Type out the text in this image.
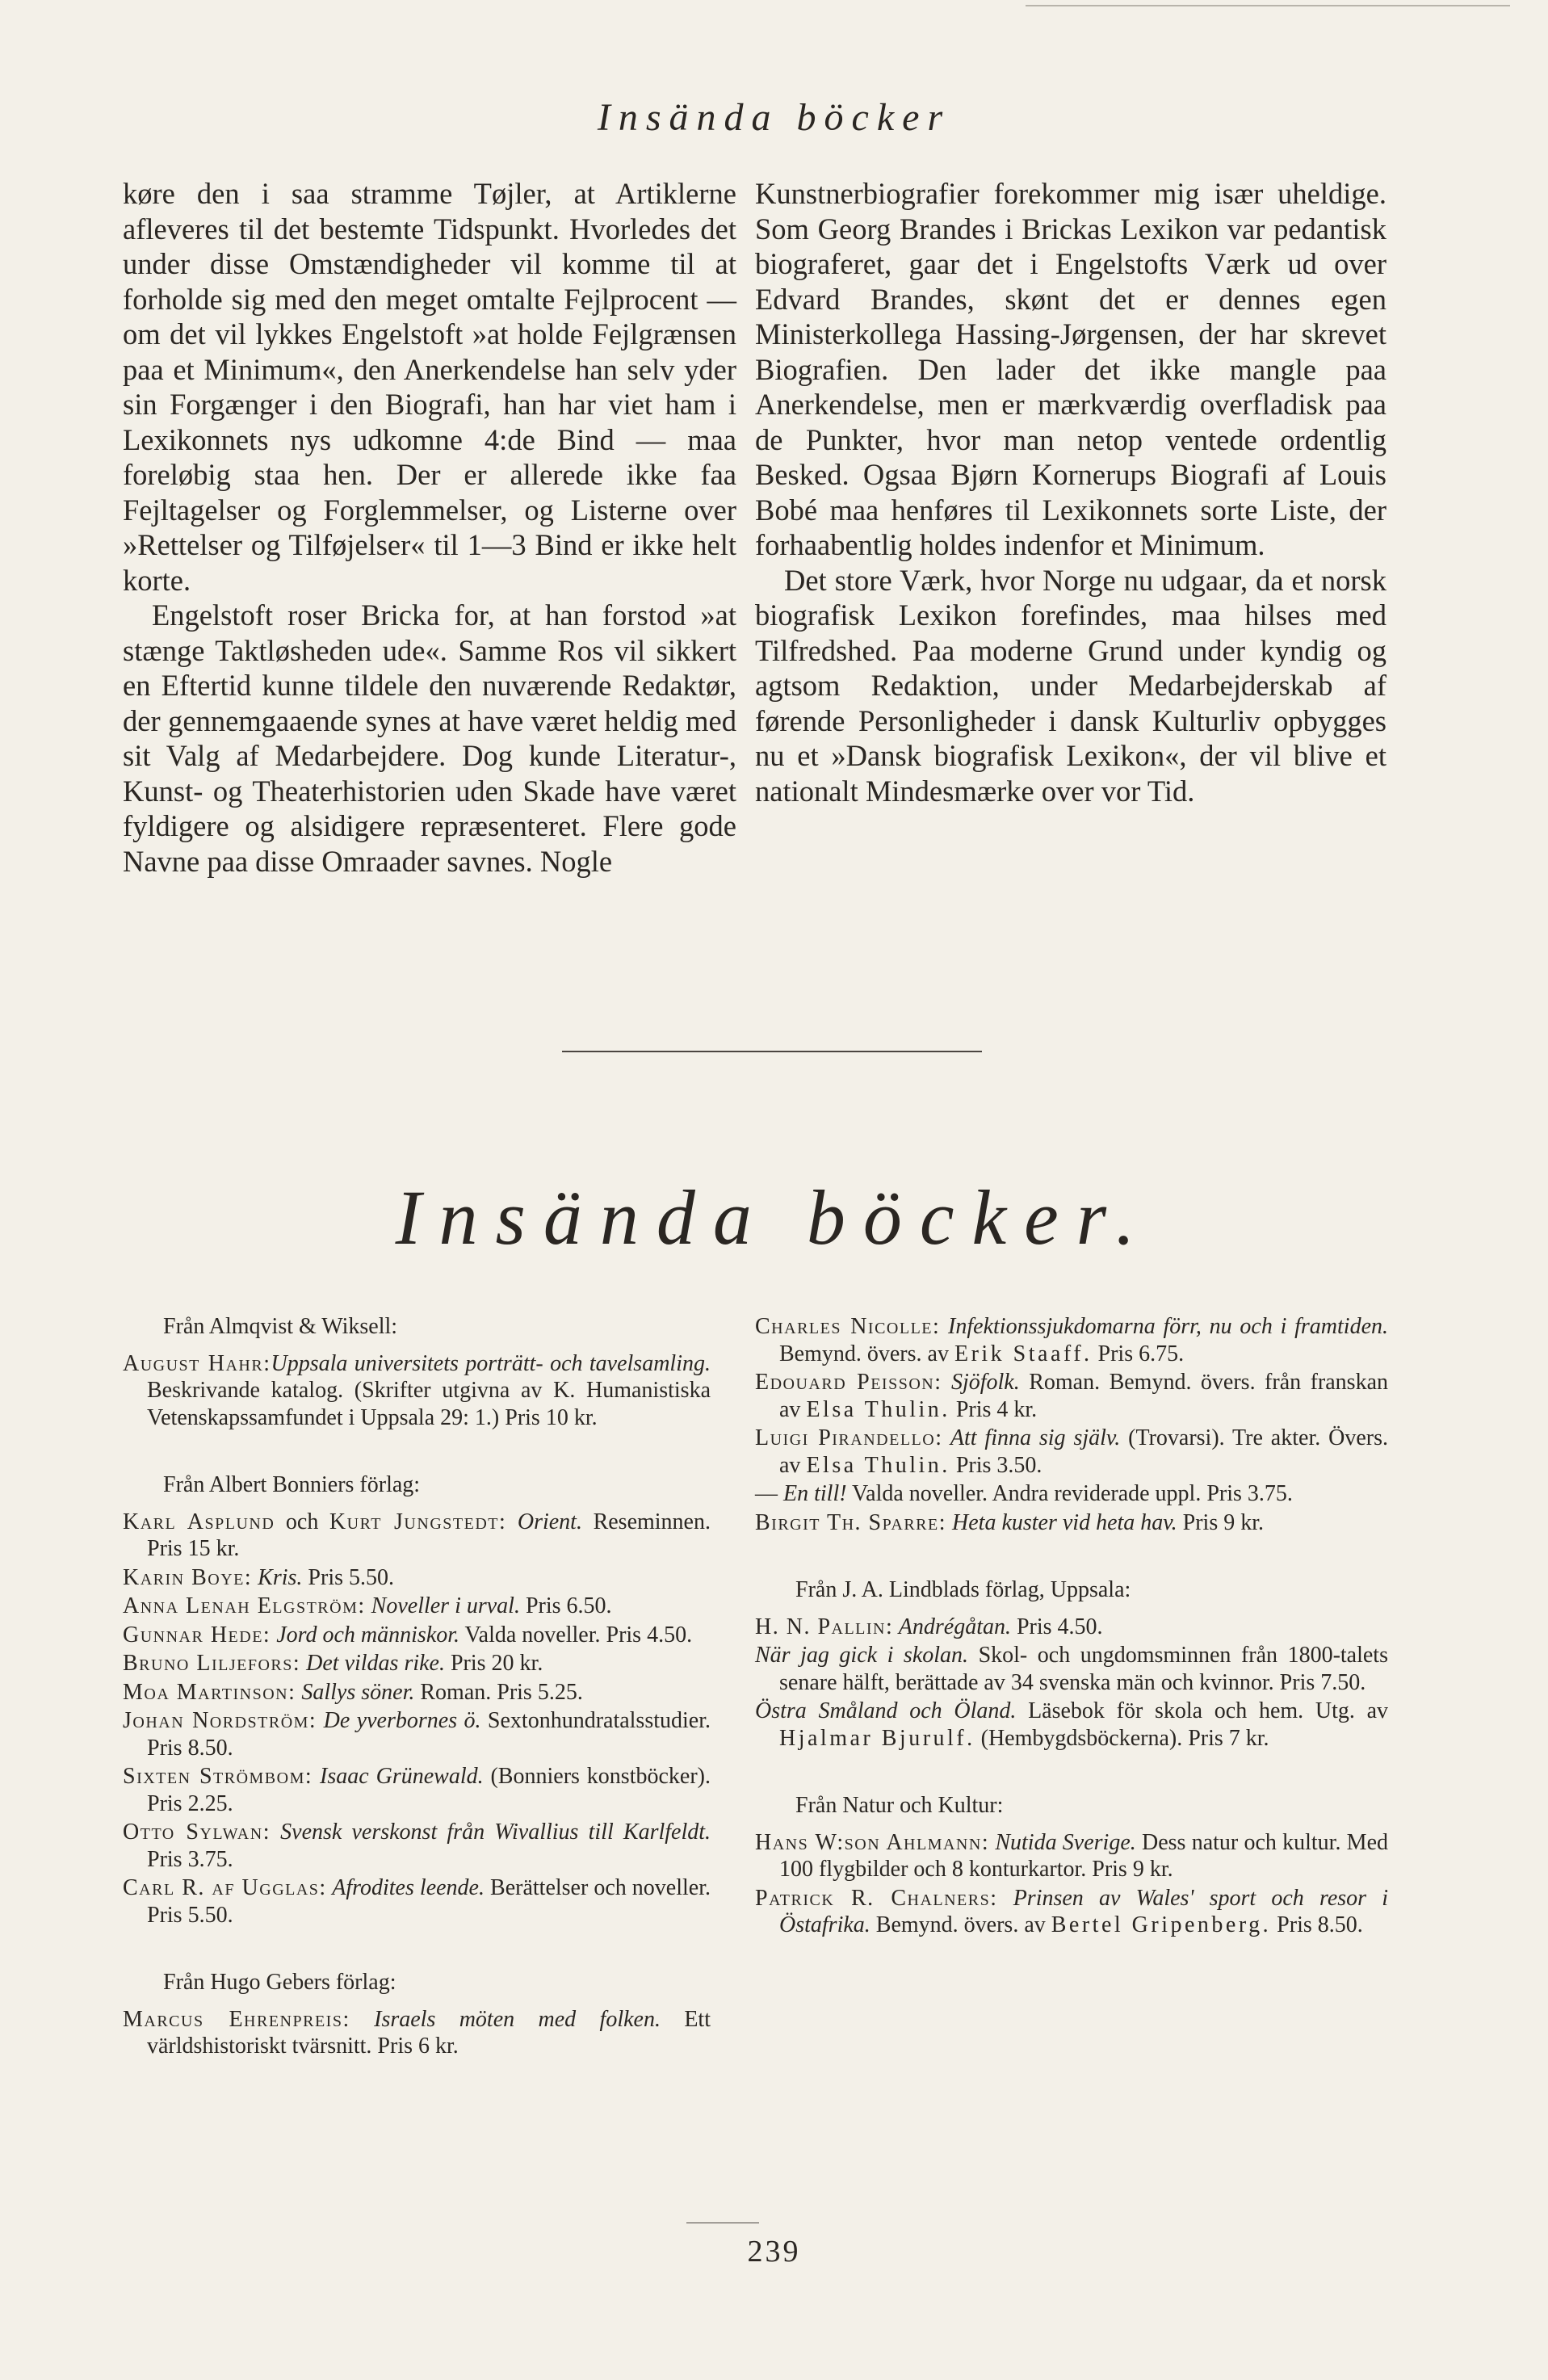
Insända böcker

køre den i saa stramme Tøjler, at Artiklerne afleveres til det bestemte Tidspunkt. Hvorledes det under disse Omstændigheder vil komme til at forholde sig med den meget omtalte Fejlprocent — om det vil lykkes Engelstoft »at holde Fejlgrænsen paa et Minimum«, den Anerkendelse han selv yder sin Forgænger i den Biografi, han har viet ham i Lexikonnets nys udkomne 4:de Bind — maa foreløbig staa hen. Der er allerede ikke faa Fejltagelser og Forglemmelser, og Listerne over »Rettelser og Tilføjelser« til 1—3 Bind er ikke helt korte.

Engelstoft roser Bricka for, at han forstod »at stænge Taktløsheden ude«. Samme Ros vil sikkert en Eftertid kunne tildele den nuværende Redaktør, der gennemgaaende synes at have været heldig med sit Valg af Medarbejdere. Dog kunde Literatur-, Kunst- og Theaterhistorien uden Skade have været fyldigere og alsidigere repræsenteret. Flere gode Navne paa disse Omraader savnes. Nogle

Kunstnerbiografier forekommer mig især uheldige. Som Georg Brandes i Brickas Lexikon var pedantisk biograferet, gaar det i Engelstofts Værk ud over Edvard Brandes, skønt det er dennes egen Ministerkollega Hassing-Jørgensen, der har skrevet Biografien. Den lader det ikke mangle paa Anerkendelse, men er mærkværdig overfladisk paa de Punkter, hvor man netop ventede ordentlig Besked. Ogsaa Bjørn Kornerups Biografi af Louis Bobé maa henføres til Lexikonnets sorte Liste, der forhaabentlig holdes indenfor et Minimum.

Det store Værk, hvor Norge nu udgaar, da et norsk biografisk Lexikon forefindes, maa hilses med Tilfredshed. Paa moderne Grund under kyndig og agtsom Redaktion, under Medarbejderskab af førende Personligheder i dansk Kulturliv opbygges nu et »Dansk biografisk Lexikon«, der vil blive et nationalt Mindesmærke over vor Tid.

Insända böcker.
Från Almqvist & Wiksell:
August Hahr:Uppsala universitets porträtt- och tavelsamling. Beskrivande katalog. (Skrifter utgivna av K. Humanistiska Vetenskapssamfundet i Uppsala 29: 1.) Pris 10 kr.
Från Albert Bonniers förlag:
Karl Asplund och Kurt Jungstedt: Orient. Reseminnen. Pris 15 kr.
Karin Boye: Kris. Pris 5.50.
Anna Lenah Elgström: Noveller i urval. Pris 6.50.
Gunnar Hede: Jord och människor. Valda noveller. Pris 4.50.
Bruno Liljefors: Det vildas rike. Pris 20 kr.
Moa Martinson: Sallys söner. Roman. Pris 5.25.
Johan Nordström: De yverbornes ö. Sextonhundratalsstudier. Pris 8.50.
Sixten Strömbom: Isaac Grünewald. (Bonniers konstböcker). Pris 2.25.
Otto Sylwan: Svensk verskonst från Wivallius till Karlfeldt. Pris 3.75.
Carl R. af Ugglas: Afrodites leende. Berättelser och noveller. Pris 5.50.
Från Hugo Gebers förlag:
Marcus Ehrenpreis: Israels möten med folken. Ett världshistoriskt tvärsnitt. Pris 6 kr.
Charles Nicolle: Infektionssjukdomarna förr, nu och i framtiden. Bemynd. övers. av Erik Staaff. Pris 6.75.
Edouard Peisson: Sjöfolk. Roman. Bemynd. övers. från franskan av Elsa Thulin. Pris 4 kr.
Luigi Pirandello: Att finna sig själv. (Trovarsi). Tre akter. Övers. av Elsa Thulin. Pris 3.50.
— En till! Valda noveller. Andra reviderade uppl. Pris 3.75.
Birgit Th. Sparre: Heta kuster vid heta hav. Pris 9 kr.
Från J. A. Lindblads förlag, Uppsala:
H. N. Pallin: Andrégåtan. Pris 4.50.
När jag gick i skolan. Skol- och ungdomsminnen från 1800-talets senare hälft, berättade av 34 svenska män och kvinnor. Pris 7.50.
Östra Småland och Öland. Läsebok för skola och hem. Utg. av Hjalmar Bjurulf. (Hembygdsböckerna). Pris 7 kr.
Från Natur och Kultur:
Hans W:son Ahlmann: Nutida Sverige. Dess natur och kultur. Med 100 flygbilder och 8 konturkartor. Pris 9 kr.
Patrick R. Chalners: Prinsen av Wales' sport och resor i Östafrika. Bemynd. övers. av Bertel Gripenberg. Pris 8.50.
239
